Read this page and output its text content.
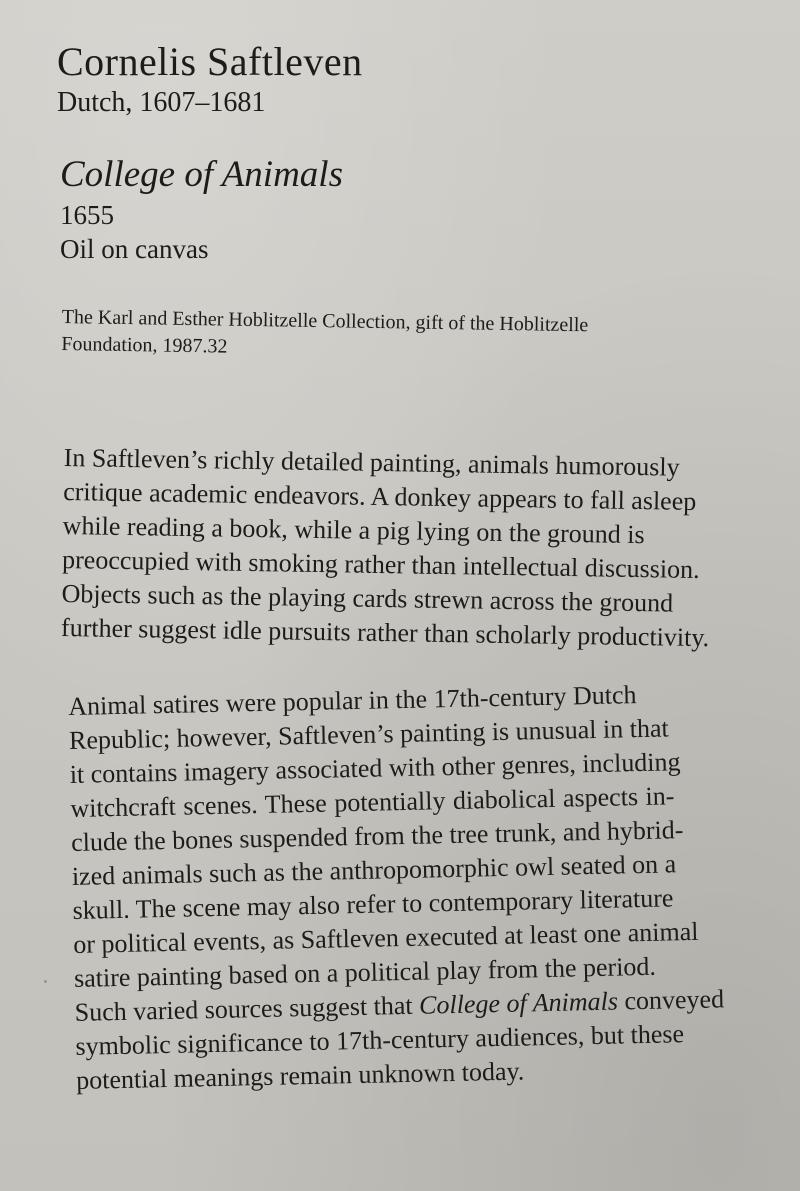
Cornelis Saftleven

Dutch, 1607–1681

College of Animals

1655

Oil on canvas

The Karl and Esther Hoblitzelle Collection, gift of the Hoblitzelle

Foundation, 1987.32

In Saftleven’s richly detailed painting, animals humorously

critique academic endeavors. A donkey appears to fall asleep

while reading a book, while a pig lying on the ground is

preoccupied with smoking rather than intellectual discussion.

Objects such as the playing cards strewn across the ground

further suggest idle pursuits rather than scholarly productivity.

Animal satires were popular in the 17th-century Dutch

Republic; however, Saftleven’s painting is unusual in that

it contains imagery associated with other genres, including

witchcraft scenes. These potentially diabolical aspects in-

clude the bones suspended from the tree trunk, and hybrid-

ized animals such as the anthropomorphic owl seated on a

skull. The scene may also refer to contemporary literature

or political events, as Saftleven executed at least one animal

satire painting based on a political play from the period.

Such varied sources suggest that College of Animals conveyed

symbolic significance to 17th-century audiences, but these

potential meanings remain unknown today.
